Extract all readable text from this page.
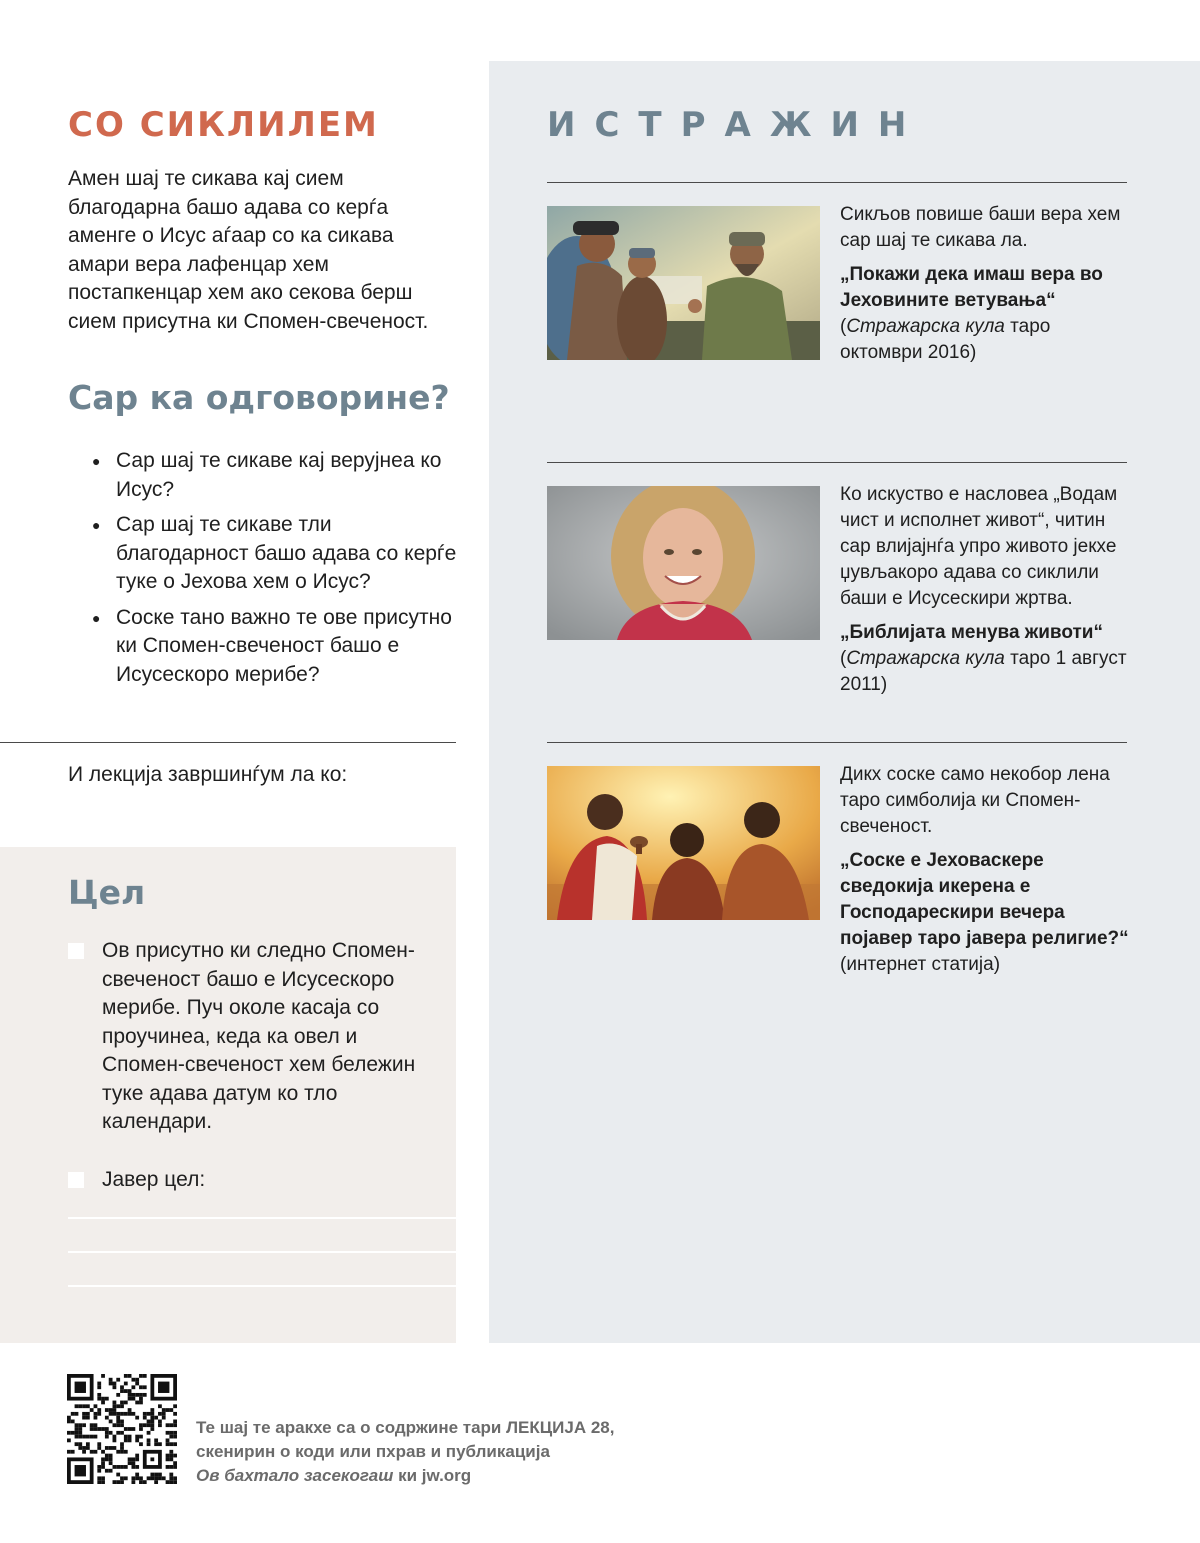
СО СИКЛИЛЕМ

Амен шај те сикава кај сием благодарна башо адава со керѓа аменге о Исус аѓаар со ка сикава амари вера лафенцар хем постапкенцар хем ако секова берш сием присутна ки Спомен-свеченост.

Сар ка одговорине?
● Сар шај те сикаве кај верујнеа ко Исус?
● Сар шај те сикаве тли благодарност башо адава со керѓе туке о Јехова хем о Исус?
● Соске тано важно те ове присутно ки Спомен-свеченост башо е Исусескоро мерибе?
И лекција завршинѓум ла ко:
Цел
Ов присутно ки следно Спомен-свеченост башо е Исусескоро мерибе. Пуч околе касаја со проучинеа, кеда ка овел и Спомен-свеченост хем бележин туке адава датум ко тло календари.
Јавер цел:
ИСТРАЖИН

Сикљов повише баши вера хем сар шај те сикава ла.

„Покажи дека имаш вера во Јеховините ветувања“ (Стражарска кула таро октомври 2016)

Ко искуство е насловеа „Водам чист и исполнет живот“, читин сар влијајнѓа упро живото јекхе џувљакоро адава со сиклили баши е Исусескири жртва.

„Библијата менува животи“ (Стражарска кула таро 1 август 2011)

Дикх соске само некобор лена таро симболија ки Спомен-свеченост.

„Соске е Јеховаскере сведокија икерена е Господарескири вечера појавер таро јавера религие?“ (интернет статија)

Те шај те аракхе са о содржине тари ЛЕКЦИЈА 28,
скенирин о коди или пхрав и публикација
Ов бахтало засекогаш ки jw.org
